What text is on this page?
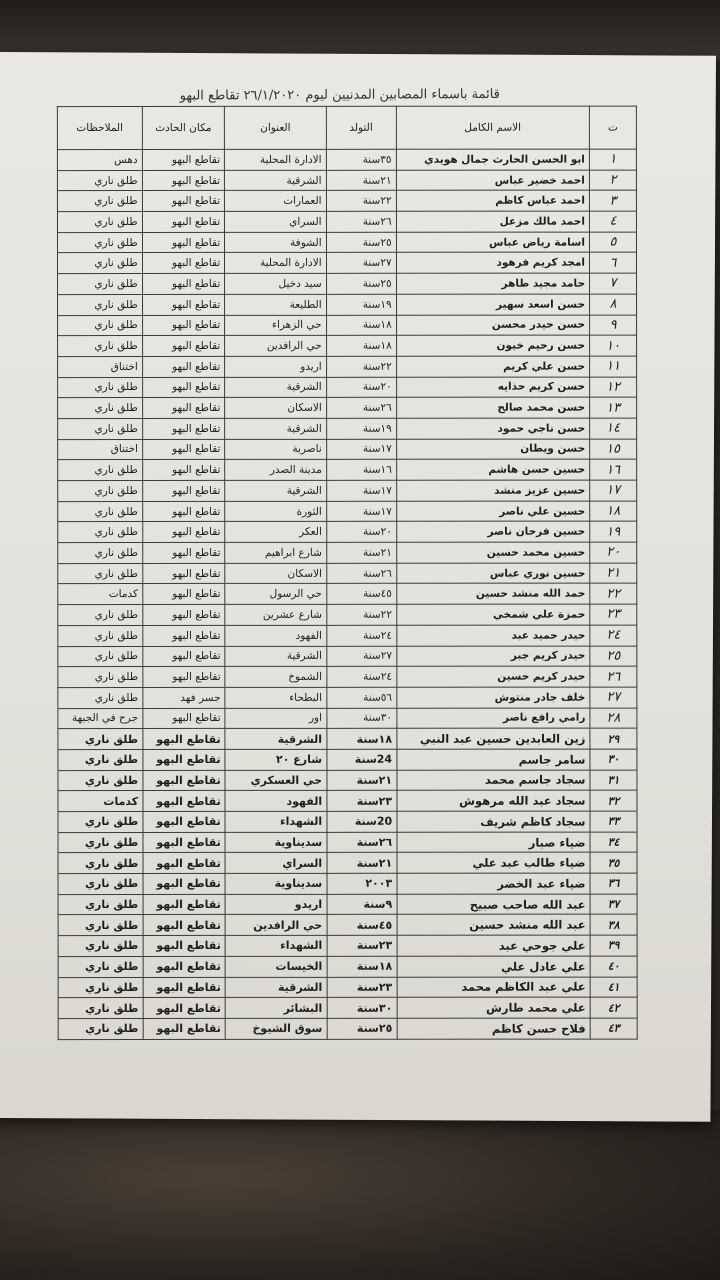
قائمة باسماء المصابين المدنيين ليوم ٢٦/١/٢٠٢٠ تقاطع البهو
ت	الاسم الكامل	التولد	العنوان	مكان الحادث	الملاحظات
١	ابو الحسن الحارث جمال هويدي	٣٥سنة	الادارة المحلية	تقاطع البهو	دهس
٢	احمد خضير عباس	٢١سنة	الشرقية	تقاطع البهو	طلق ناري
٣	احمد عباس كاظم	٢٢سنة	العمارات	تقاطع البهو	طلق ناري
٤	احمد مالك مزعل	٢٦سنة	السراي	تقاطع البهو	طلق ناري
٥	اسامة رياض عباس	٢٥سنة	الشوفة	تقاطع البهو	طلق ناري
٦	امجد كريم فرهود	٢٧سنة	الادارة المحلية	تقاطع البهو	طلق ناري
٧	حامد مجيد طاهر	٢٥سنة	سيد دخيل	تقاطع البهو	طلق ناري
٨	حسن اسعد سهير	١٩سنة	الطليعة	تقاطع البهو	طلق ناري
٩	حسن حيدر محسن	١٨سنة	حي الزهراء	تقاطع البهو	طلق ناري
١٠	حسن رحيم خيون	١٨سنة	حي الرافدين	تقاطع البهو	طلق ناري
١١	حسن علي كريم	٢٢سنة	اريدو	تقاطع البهو	اختناق
١٢	حسن كريم حذايه	٢٠سنة	الشرقية	تقاطع البهو	طلق ناري
١٣	حسن محمد صالح	٢٦سنة	الاسكان	تقاطع البهو	طلق ناري
١٤	حسن ناجي حمود	١٩سنة	الشرقية	تقاطع البهو	طلق ناري
١٥	حسن ويطان	١٧سنة	ناصرية	تقاطع البهو	اختناق
١٦	حسين حسن هاشم	١٦سنة	مدينة الصدر	تقاطع البهو	طلق ناري
١٧	حسين عزيز منشد	١٧سنة	الشرقية	تقاطع البهو	طلق ناري
١٨	حسين علي ناصر	١٧سنة	الثورة	تقاطع البهو	طلق ناري
١٩	حسين فرحان ناصر	٢٠سنة	العكر	تقاطع البهو	طلق ناري
٢٠	حسين محمد حسين	٢١سنة	شارع ابراهيم	تقاطع البهو	طلق ناري
٢١	حسين نوري عباس	٢٦سنة	الاسكان	تقاطع البهو	طلق ناري
٢٢	حمد الله منشد حسين	٤٥سنة	حي الرسول	تقاطع البهو	كدمات
٢٣	حمزة علي شمخي	٢٢سنة	شارع عشرين	تقاطع البهو	طلق ناري
٢٤	حيدر حميد عبد	٢٤سنة	الفهود	تقاطع البهو	طلق ناري
٢٥	حيدر كريم جبر	٢٧سنة	الشرقية	تقاطع البهو	طلق ناري
٢٦	حيدر كريم حسين	٢٤سنة	الشموخ	تقاطع البهو	طلق ناري
٢٧	خلف جادر منتوش	٥٦سنة	البطحاء	جسر فهد	طلق ناري
٢٨	رامي رافع ناصر	٣٠سنة	اور	تقاطع البهو	جرح في الجبهة
٢٩	زين العابدين حسين عبد النبي	١٨سنة	الشرقية	تقاطع البهو	طلق ناري
٣٠	سامر جاسم	24سنة	شارع ٢٠	تقاطع البهو	طلق ناري
٣١	سجاد جاسم محمد	٢١سنة	حي العسكري	تقاطع البهو	طلق ناري
٣٢	سجاد عبد الله مرهوش	٢٣سنة	الفهود	تقاطع البهو	كدمات
٣٣	سجاد كاظم شريف	20سنة	الشهداء	تقاطع البهو	طلق ناري
٣٤	ضياء صبار	٢٦سنة	سديناوية	تقاطع البهو	طلق ناري
٣٥	ضياء طالب عبد علي	٢١سنة	السراي	تقاطع البهو	طلق ناري
٣٦	ضياء عبد الخضر	٢٠٠٣	سديناوية	تقاطع البهو	طلق ناري
٣٧	عبد الله صاحب صبيح	٩سنة	اريدو	تقاطع البهو	طلق ناري
٣٨	عبد الله منشد حسين	٤٥سنة	حي الرافدين	تقاطع البهو	طلق ناري
٣٩	علي جوحي عبد	٢٣سنة	الشهداء	تقاطع البهو	طلق ناري
٤٠	علي عادل علي	١٨سنة	الخيسات	تقاطع البهو	طلق ناري
٤١	علي عبد الكاظم محمد	٢٣سنة	الشرقية	تقاطع البهو	طلق ناري
٤٢	علي محمد طارش	٣٠سنة	البشائر	تقاطع البهو	طلق ناري
٤٣	فلاح حسن كاظم	٢٥سنة	سوق الشيوخ	تقاطع البهو	طلق ناري
